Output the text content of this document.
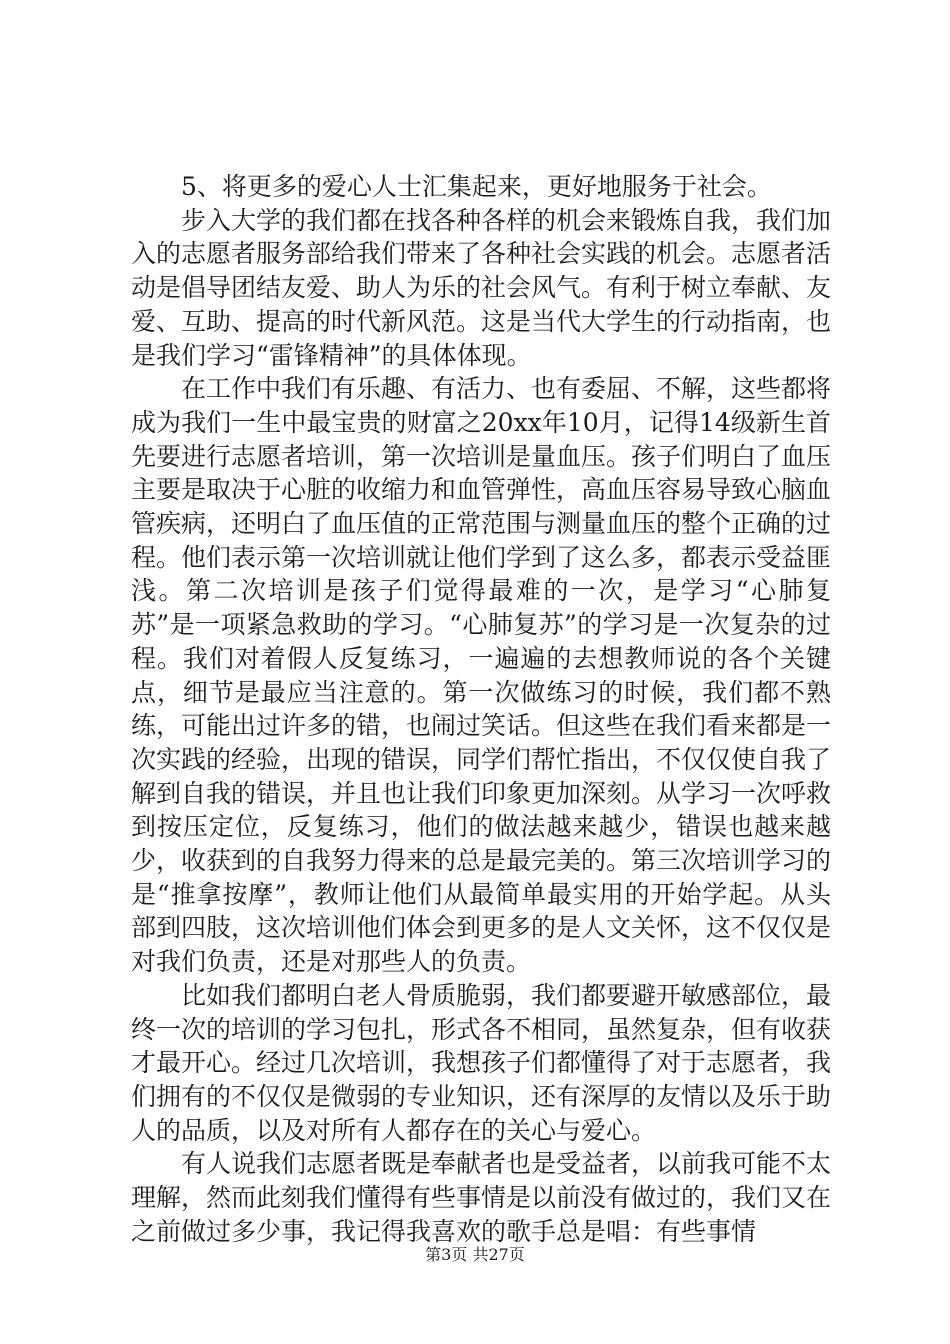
5、将更多的爱心人士汇集起来，更好地服务于社会。

步入大学的我们都在找各种各样的机会来锻炼自我，我们加入的志愿者服务部给我们带来了各种社会实践的机会。志愿者活动是倡导团结友爱、助人为乐的社会风气。有利于树立奉献、友爱、互助、提高的时代新风范。这是当代大学生的行动指南，也是我们学习“雷锋精神”的具体体现。

在工作中我们有乐趣、有活力、也有委屈、不解，这些都将成为我们一生中最宝贵的财富之20xx年10月，记得14级新生首先要进行志愿者培训，第一次培训是量血压。孩子们明白了血压主要是取决于心脏的收缩力和血管弹性，高血压容易导致心脑血管疾病，还明白了血压值的正常范围与测量血压的整个正确的过程。他们表示第一次培训就让他们学到了这么多，都表示受益匪浅。第二次培训是孩子们觉得最难的一次，是学习“心肺复苏”是一项紧急救助的学习。“心肺复苏”的学习是一次复杂的过程。我们对着假人反复练习，一遍遍的去想教师说的各个关键点，细节是最应当注意的。第一次做练习的时候，我们都不熟练，可能出过许多的错，也闹过笑话。但这些在我们看来都是一次实践的经验，出现的错误，同学们帮忙指出，不仅仅使自我了解到自我的错误，并且也让我们印象更加深刻。从学习一次呼救到按压定位，反复练习，他们的做法越来越少，错误也越来越少，收获到的自我努力得来的总是最完美的。第三次培训学习的是“推拿按摩”，教师让他们从最简单最实用的开始学起。从头部到四肢，这次培训他们体会到更多的是人文关怀，这不仅仅是对我们负责，还是对那些人的负责。

比如我们都明白老人骨质脆弱，我们都要避开敏感部位，最终一次的培训的学习包扎，形式各不相同，虽然复杂，但有收获才最开心。经过几次培训，我想孩子们都懂得了对于志愿者，我们拥有的不仅仅是微弱的专业知识，还有深厚的友情以及乐于助人的品质，以及对所有人都存在的关心与爱心。

有人说我们志愿者既是奉献者也是受益者，以前我可能不太理解，然而此刻我们懂得有些事情是以前没有做过的，我们又在之前做过多少事，我记得我喜欢的歌手总是唱：有些事情

第3页 共27页
